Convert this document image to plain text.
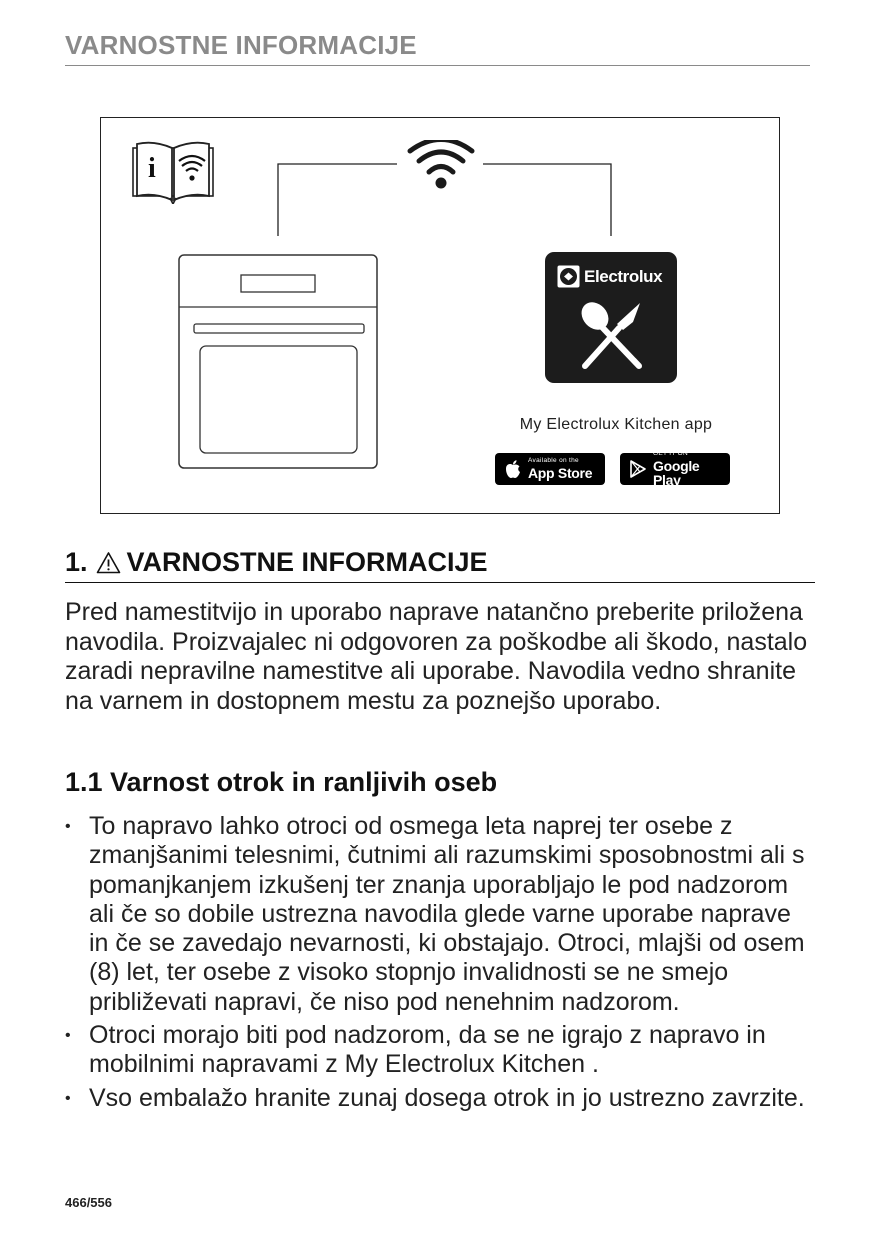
VARNOSTNE INFORMACIJE
i
Electrolux
My Electrolux Kitchen app
Available on the
App Store
GET IT ON
Google Play
1. VARNOSTNE INFORMACIJE

Pred namestitvijo in uporabo naprave natančno preberite priložena navodila. Proizvajalec ni odgovoren za poškodbe ali škodo, nastalo zaradi nepravilne namestitve ali uporabe. Navodila vedno shranite na varnem in dostopnem mestu za poznejšo uporabo.

1.1 Varnost otrok in ranljivih oseb
• To napravo lahko otroci od osmega leta naprej ter osebe z zmanjšanimi telesnimi, čutnimi ali razumskimi sposobnostmi ali s pomanjkanjem izkušenj ter znanja uporabljajo le pod nadzorom ali če so dobile ustrezna navodila glede varne uporabe naprave in če se zavedajo nevarnosti, ki obstajajo. Otroci, mlajši od osem (8) let, ter osebe z visoko stopnjo invalidnosti se ne smejo približevati napravi, če niso pod nenehnim nadzorom.
• Otroci morajo biti pod nadzorom, da se ne igrajo z napravo in mobilnimi napravami z My Electrolux Kitchen .
• Vso embalažo hranite zunaj dosega otrok in jo ustrezno zavrzite.
466/556
